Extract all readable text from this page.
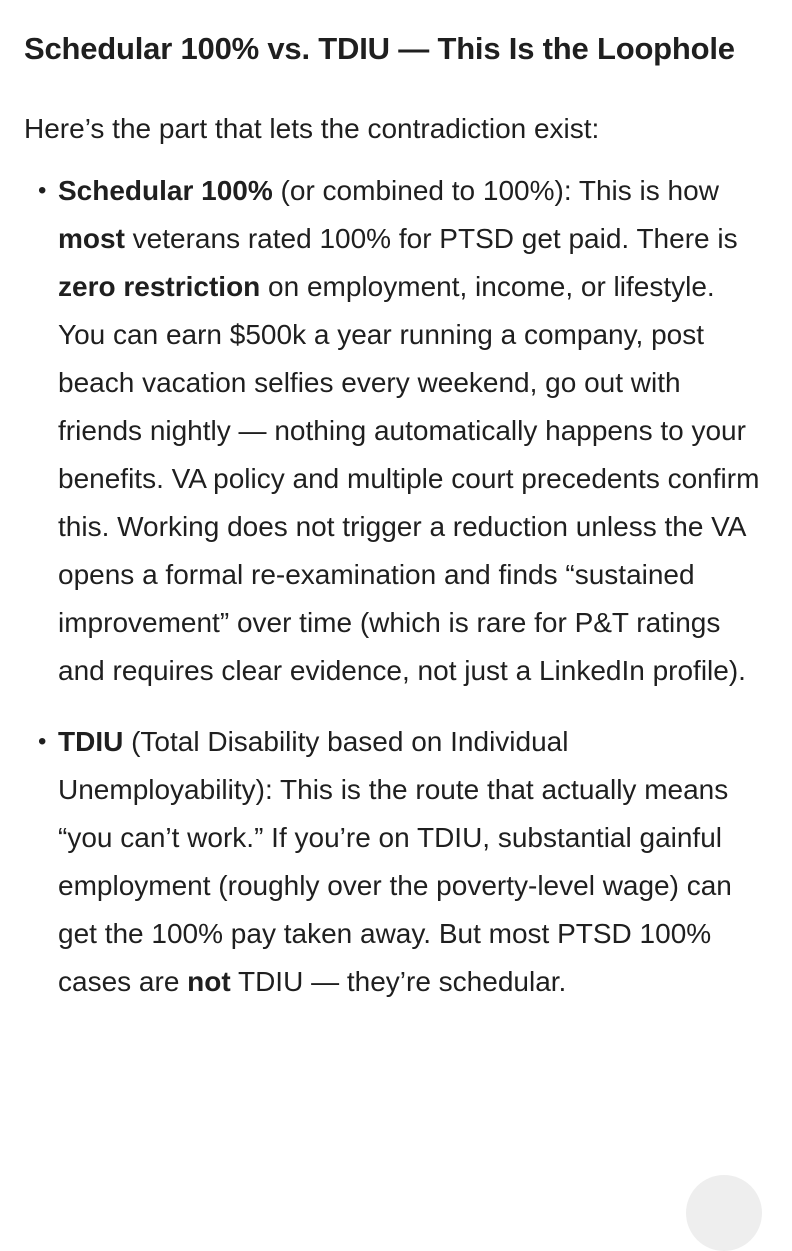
Schedular 100% vs. TDIU — This Is the Loophole

Here’s the part that lets the contradiction exist:

• Schedular 100% (or combined to 100%): This is how most veterans rated 100% for PTSD get paid. There is zero restriction on employment, income, or lifestyle. You can earn $500k a year running a company, post beach vacation selfies every weekend, go out with friends nightly — nothing automatically happens to your benefits. VA policy and multiple court precedents confirm this. Working does not trigger a reduction unless the VA opens a formal re-examination and finds “sustained improvement” over time (which is rare for P&T ratings and requires clear evidence, not just a LinkedIn profile).
• TDIU (Total Disability based on Individual Unemployability): This is the route that actually means “you can’t work.” If you’re on TDIU, substantial gainful employment (roughly over the poverty-level wage) can get the 100% pay taken away. But most PTSD 100% cases are not TDIU — they’re schedular.
